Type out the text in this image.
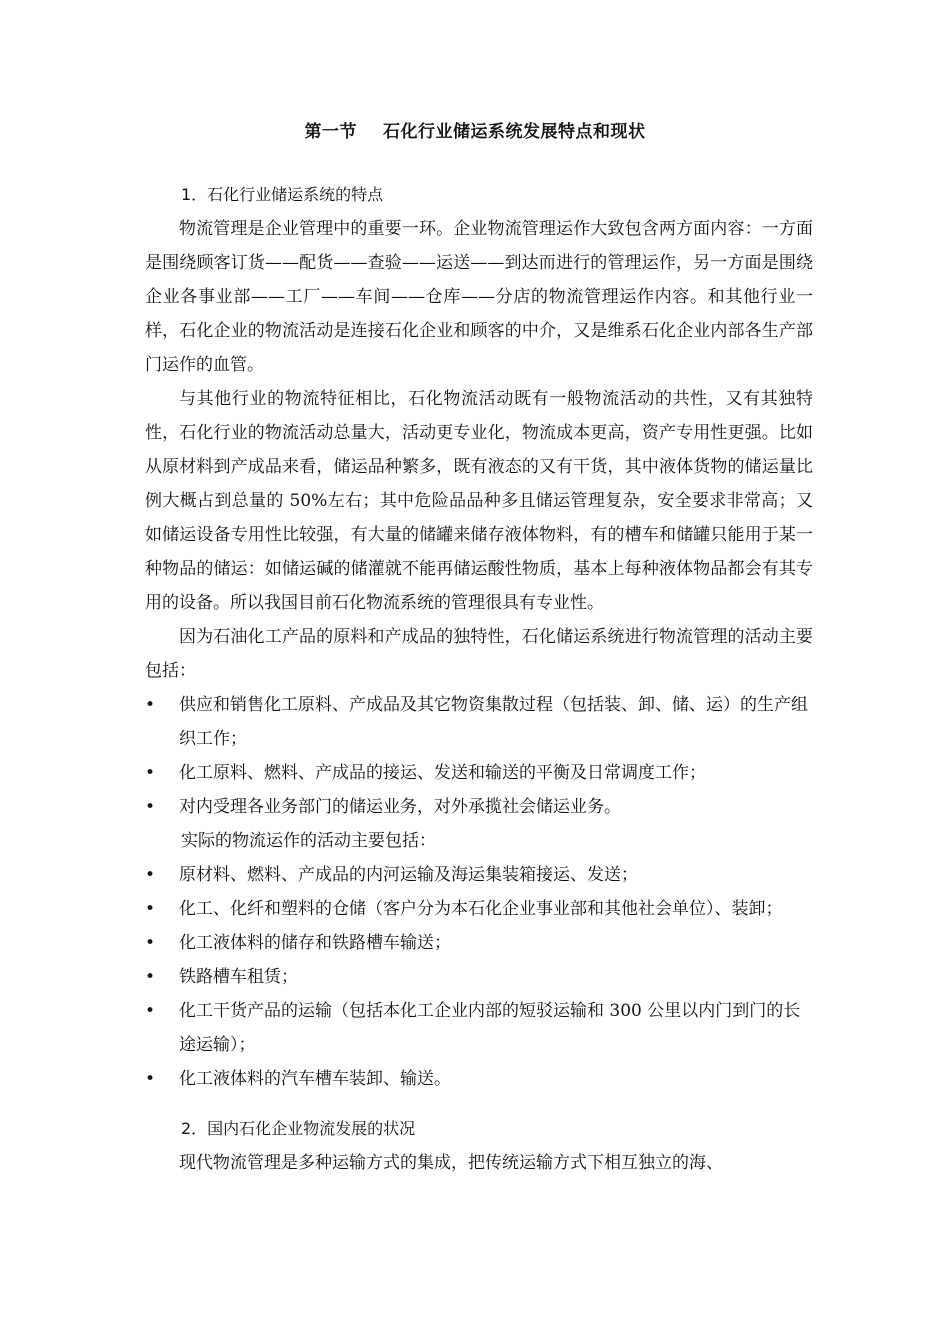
第一节 石化行业储运系统发展特点和现状
1．石化行业储运系统的特点

物流管理是企业管理中的重要一环。企业物流管理运作大致包含两方面内容：一方面是围绕顾客订货——配货——查验——运送——到达而进行的管理运作，另一方面是围绕企业各事业部——工厂——车间——仓库——分店的物流管理运作内容。和其他行业一样，石化企业的物流活动是连接石化企业和顾客的中介，又是维系石化企业内部各生产部门运作的血管。

与其他行业的物流特征相比，石化物流活动既有一般物流活动的共性，又有其独特性，石化行业的物流活动总量大，活动更专业化，物流成本更高，资产专用性更强。比如从原材料到产成品来看，储运品种繁多，既有液态的又有干货，其中液体货物的储运量比例大概占到总量的 50%左右；其中危险品品种多且储运管理复杂，安全要求非常高；又如储运设备专用性比较强，有大量的储罐来储存液体物料，有的槽车和储罐只能用于某一种物品的储运：如储运碱的储灌就不能再储运酸性物质，基本上每种液体物品都会有其专用的设备。所以我国目前石化物流系统的管理很具有专业性。

因为石油化工产品的原料和产成品的独特性，石化储运系统进行物流管理的活动主要包括：

•	供应和销售化工原料、产成品及其它物资集散过程（包括装、卸、储、运）的生产组织工作；
•	化工原料、燃料、产成品的接运、发送和输送的平衡及日常调度工作；
•	对内受理各业务部门的储运业务，对外承揽社会储运业务。

实际的物流运作的活动主要包括：

•	原材料、燃料、产成品的内河运输及海运集装箱接运、发送；
•	化工、化纤和塑料的仓储（客户分为本石化企业事业部和其他社会单位）、装卸；
•	化工液体料的储存和铁路槽车输送；
•	铁路槽车租赁；
•	化工干货产品的运输（包括本化工企业内部的短驳运输和 300 公里以内门到门的长途运输）；
•	化工液体料的汽车槽车装卸、输送。
2．国内石化企业物流发展的状况

现代物流管理是多种运输方式的集成，把传统运输方式下相互独立的海、
